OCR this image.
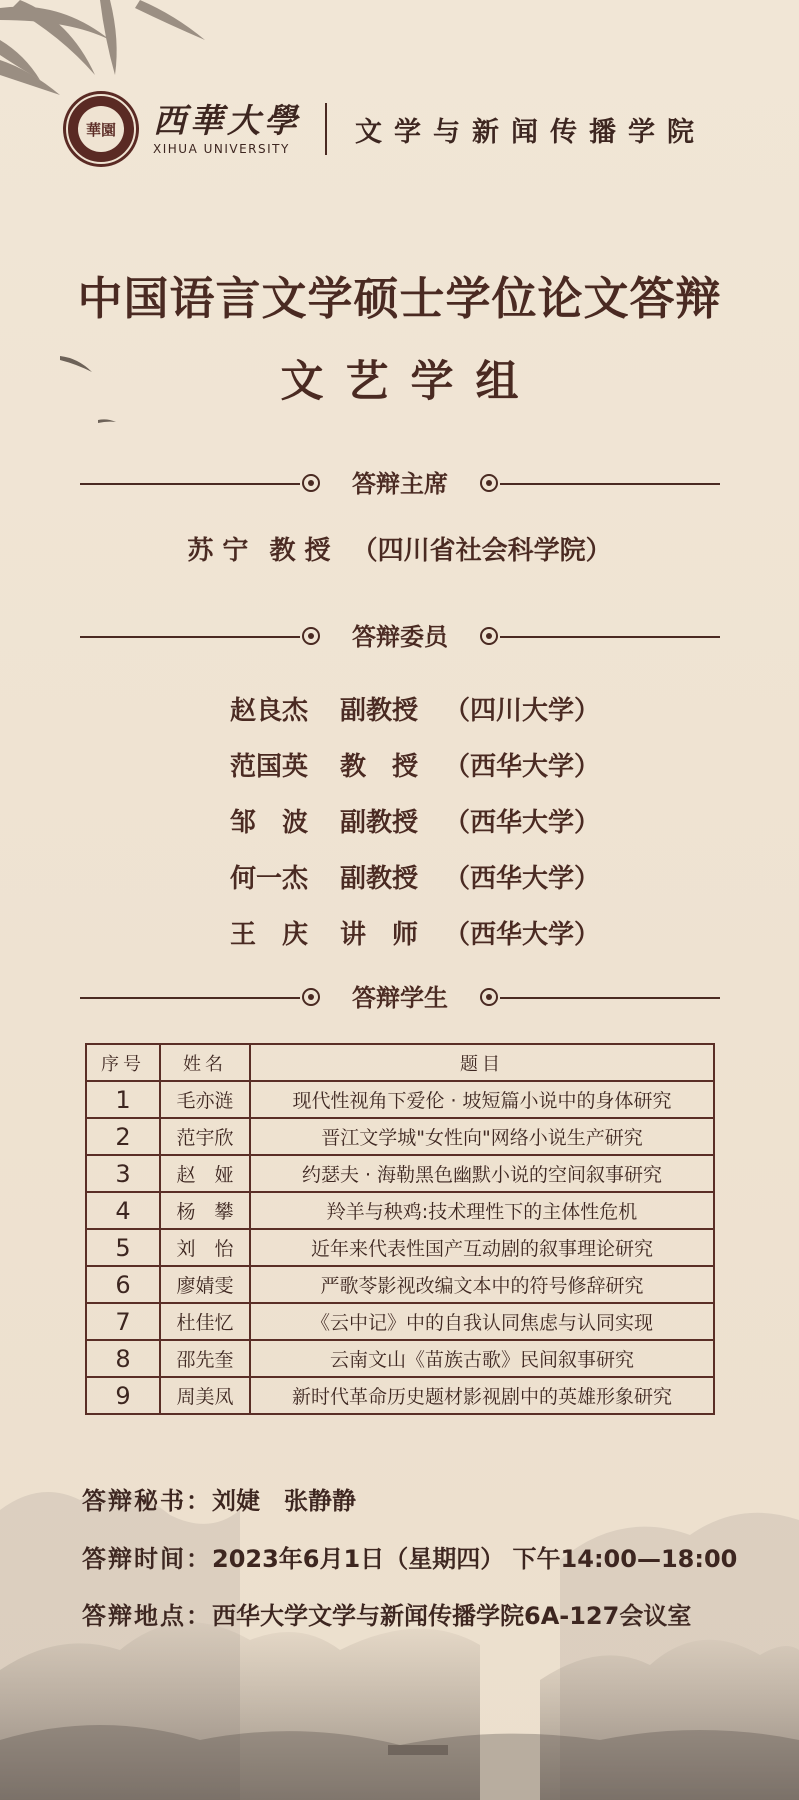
華園 西華大學
XIHUA UNIVERSITY
文学与新闻传播学院
中国语言文学硕士学位论文答辩
文艺学组
答辩主席
苏 宁 教 授 （四川省社会科学院）
答辩委员
赵良杰	副教授 （四川大学）
范国英	教　授 （西华大学）
邹　波	副教授 （西华大学）
何一杰	副教授 （西华大学）
王　庆	讲　师 （西华大学）
答辩学生
序号	姓名	题目
1	毛亦涟	现代性视角下爱伦 · 坡短篇小说中的身体研究
2	范宇欣	晋江文学城"女性向"网络小说生产研究
3	赵　娅	约瑟夫 · 海勒黑色幽默小说的空间叙事研究
4	杨　攀	羚羊与秧鸡:技术理性下的主体性危机
5	刘　怡	近年来代表性国产互动剧的叙事理论研究
6	廖婧雯	严歌苓影视改编文本中的符号修辞研究
7	杜佳忆	《云中记》中的自我认同焦虑与认同实现
8	邵先奎	云南文山《苗族古歌》民间叙事研究
9	周美凤	新时代革命历史题材影视剧中的英雄形象研究
答辩秘书：刘婕　张静静
答辩时间：2023年6月1日（星期四） 下午14:00—18:00
答辩地点：西华大学文学与新闻传播学院6A-127会议室
